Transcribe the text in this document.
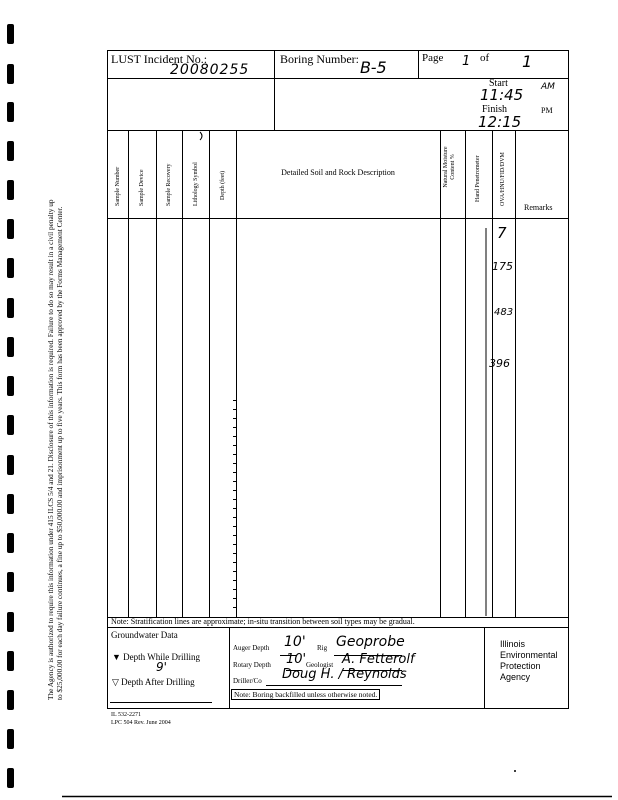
The Agency is authorized to require this information under 415 ILCS 5/4 and 21. Disclosure of this information is required. Failure to do so may result in a civil penalty up to $25,000.00 for each day failure continues, a fine up to $50,000.00 and imprisonment up to five years. This form has been approved by the Forms Management Center.
LUST Incident No.:
20080255
Boring Number: B-5	Page 1 of 1
Start
11:45
Finish
12:15
AM
PM
Sample Number	Sample Device	Sample Recovery	Lithology Symbol	Depth (feet)	Detailed Soil and Rock Description	Natural Moisture Content %	Hand Penetrometer	OVA/HNU/FID/DVM
Remarks
7
175
483
396
Note: Stratification lines are approximate; in-situ transition between soil types may be gradual.
Groundwater Data
▼ Depth While Drilling
9'
▽ Depth After Drilling
Auger Depth 10' Rig Geoprobe
Rotary Depth 10' Geologist A. Fetterolf
Driller/Co Doug H. / Reynolds
Note: Boring backfilled unless otherwise noted.
Illinois
Environmental
Protection
Agency
IL 532-2271
LPC 504 Rev. June 2004
